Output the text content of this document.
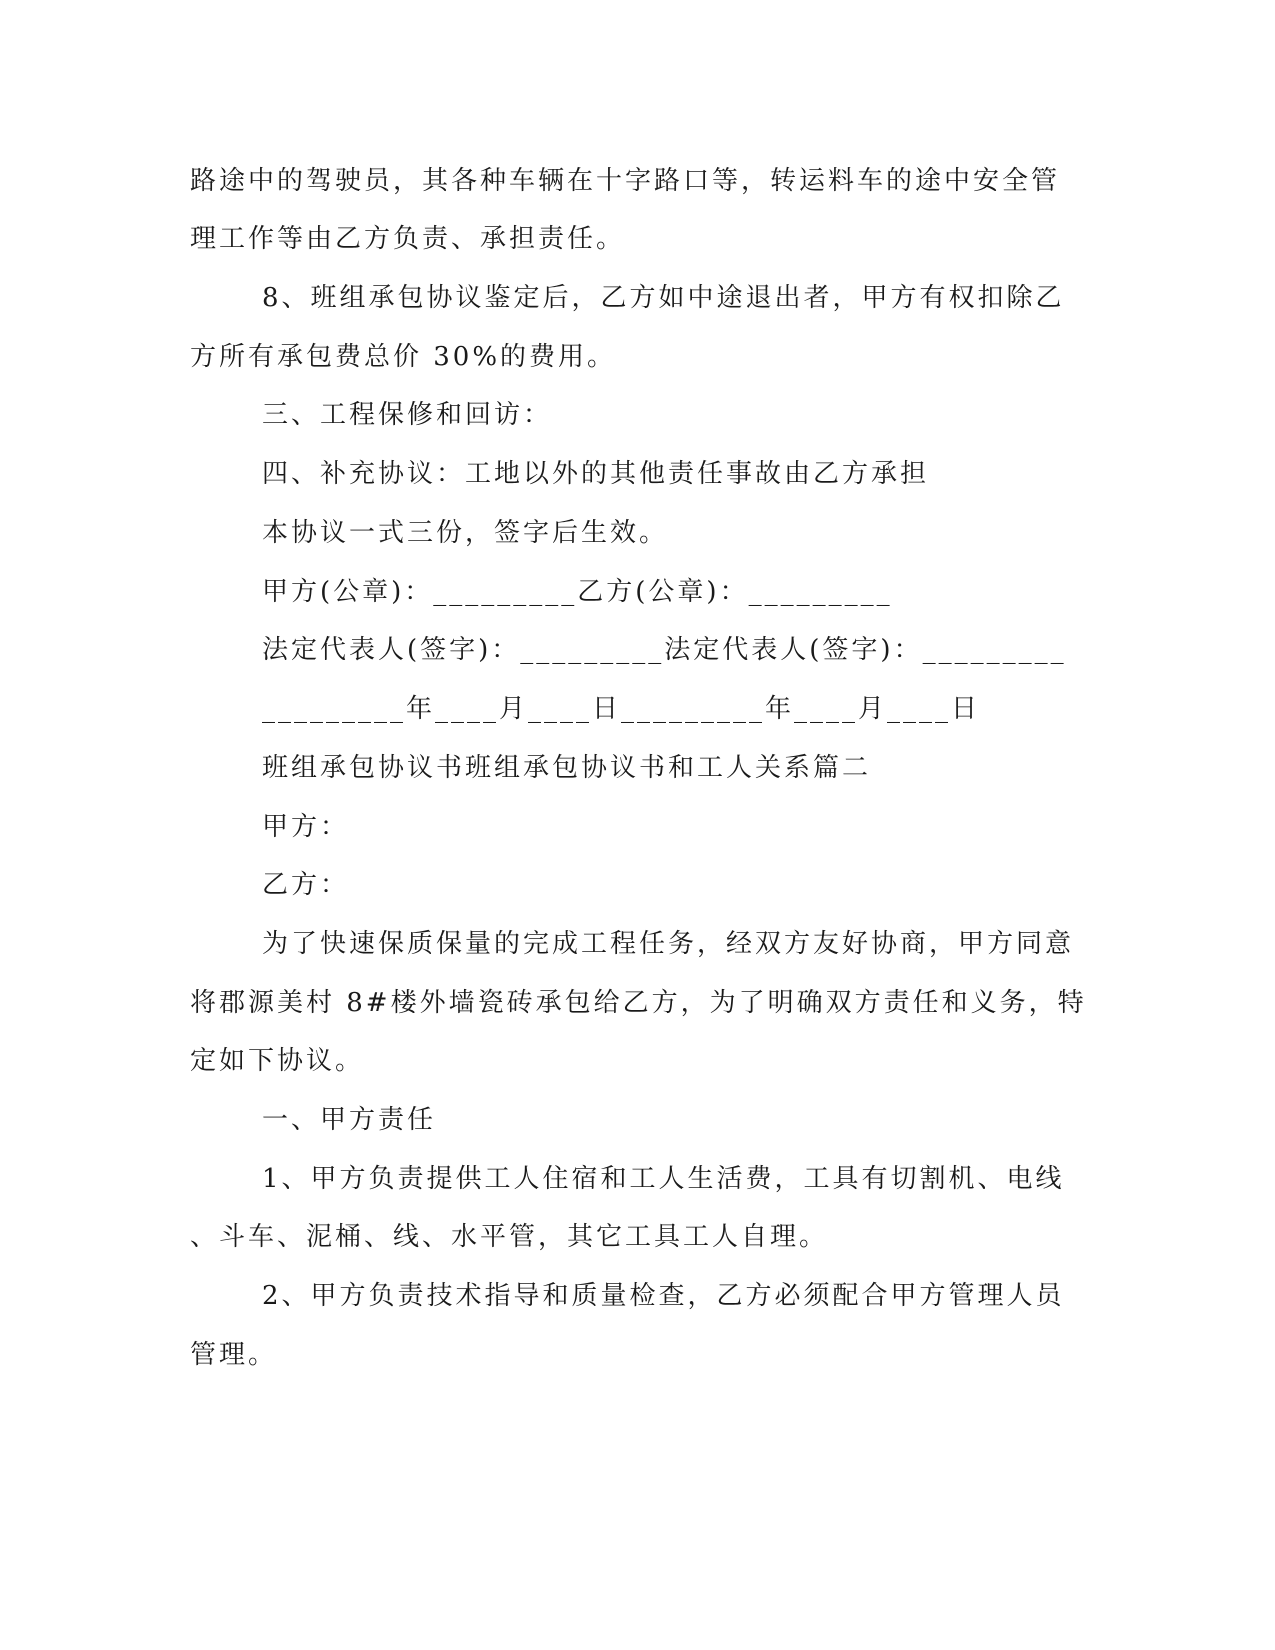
路途中的驾驶员，其各种车辆在十字路口等，转运料车的途中安全管
理工作等由乙方负责、承担责任。
8、班组承包协议鉴定后，乙方如中途退出者，甲方有权扣除乙
方所有承包费总价 30%的费用。
三、工程保修和回访：
四、补充协议：工地以外的其他责任事故由乙方承担
本协议一式三份，签字后生效。
甲方(公章)：_________乙方(公章)：_________
法定代表人(签字)：_________法定代表人(签字)：_________
_________年____月____日_________年____月____日
班组承包协议书班组承包协议书和工人关系篇二
甲方：
乙方：
为了快速保质保量的完成工程任务，经双方友好协商，甲方同意
将郡源美村 8#楼外墙瓷砖承包给乙方，为了明确双方责任和义务，特
定如下协议。
一、甲方责任
1、甲方负责提供工人住宿和工人生活费，工具有切割机、电线
、斗车、泥桶、线、水平管，其它工具工人自理。
2、甲方负责技术指导和质量检查，乙方必须配合甲方管理人员
管理。
